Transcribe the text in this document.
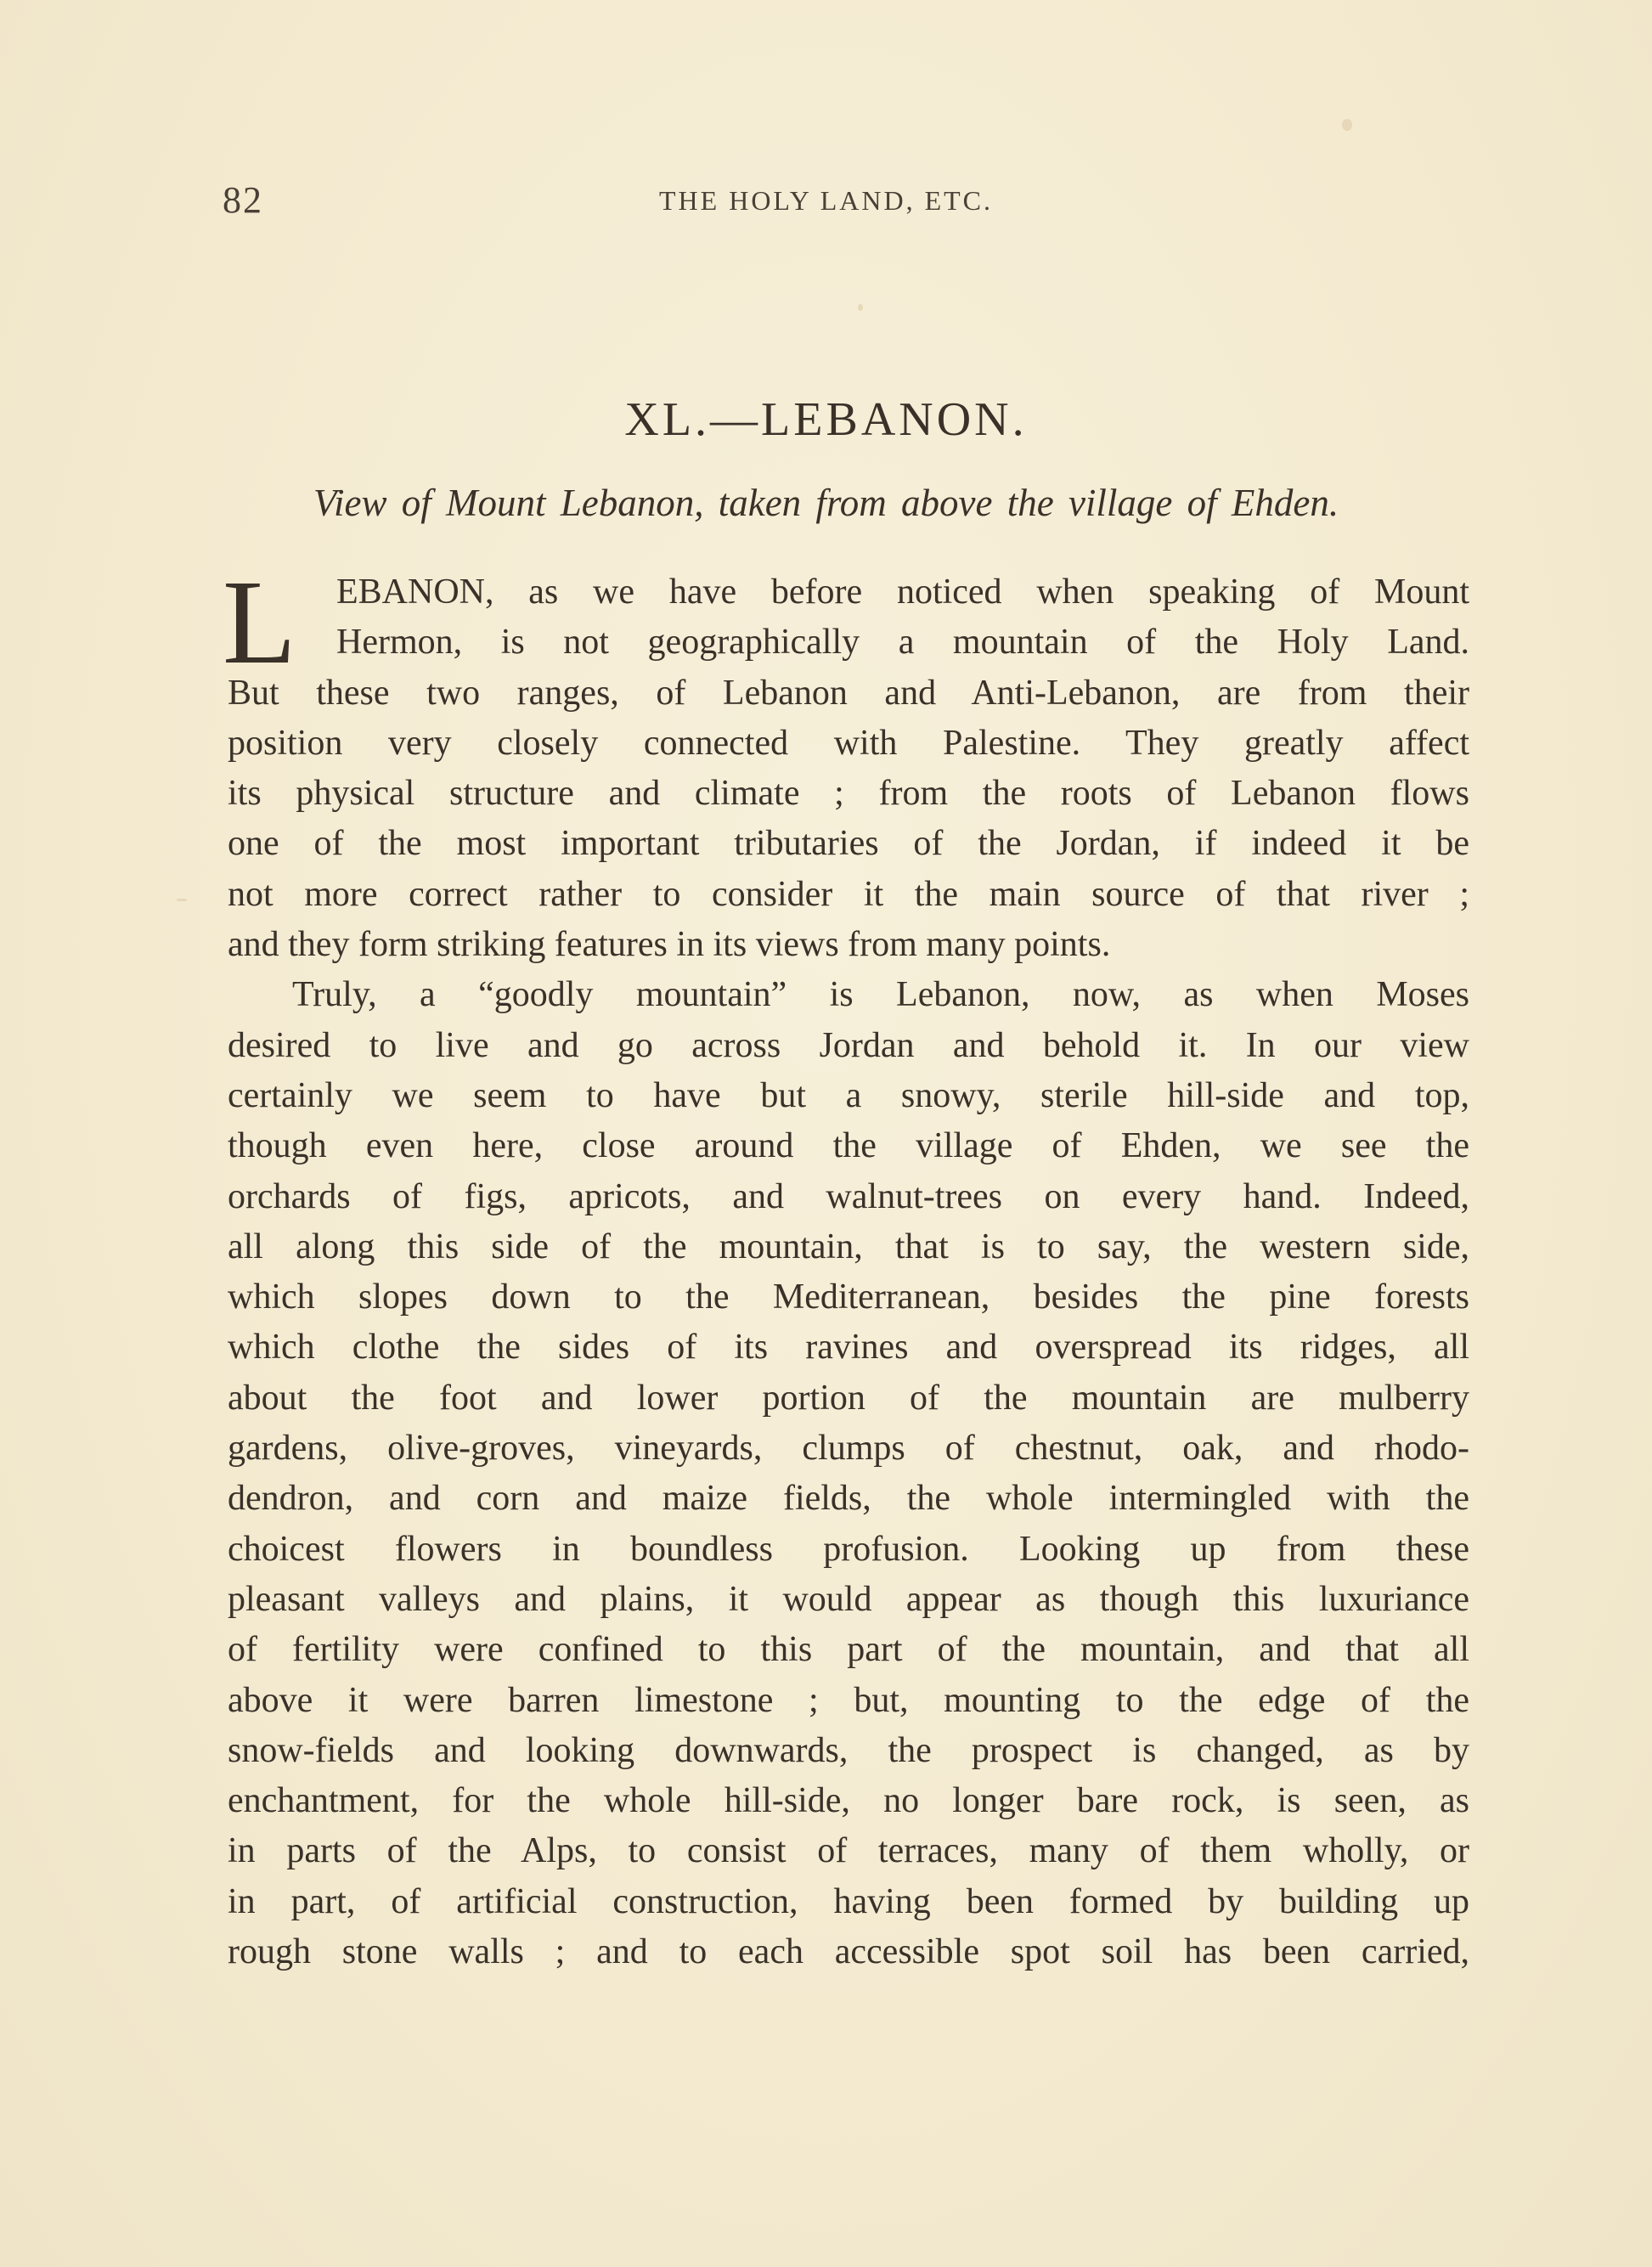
82	THE HOLY LAND, ETC.
XL.—LEBANON.
View of Mount Lebanon, taken from above the village of Ehden.
L	EBANON, as we have before noticed when speaking of Mount
Hermon, is not geographically a mountain of the Holy Land.
But these two ranges, of Lebanon and Anti-Lebanon, are from their
position very closely connected with Palestine. They greatly affect
its physical structure and climate ; from the roots of Lebanon flows
one of the most important tributaries of the Jordan, if indeed it be
not more correct rather to consider it the main source of that river ;
and they form striking features in its views from many points.
Truly, a “goodly mountain” is Lebanon, now, as when Moses
desired to live and go across Jordan and behold it. In our view
certainly we seem to have but a snowy, sterile hill-side and top,
though even here, close around the village of Ehden, we see the
orchards of figs, apricots, and walnut-trees on every hand. Indeed,
all along this side of the mountain, that is to say, the western side,
which slopes down to the Mediterranean, besides the pine forests
which clothe the sides of its ravines and overspread its ridges, all
about the foot and lower portion of the mountain are mulberry
gardens, olive-groves, vineyards, clumps of chestnut, oak, and rhodo-
dendron, and corn and maize fields, the whole intermingled with the
choicest flowers in boundless profusion. Looking up from these
pleasant valleys and plains, it would appear as though this luxuriance
of fertility were confined to this part of the mountain, and that all
above it were barren limestone ; but, mounting to the edge of the
snow-fields and looking downwards, the prospect is changed, as by
enchantment, for the whole hill-side, no longer bare rock, is seen, as
in parts of the Alps, to consist of terraces, many of them wholly, or
in part, of artificial construction, having been formed by building up
rough stone walls ; and to each accessible spot soil has been carried,
